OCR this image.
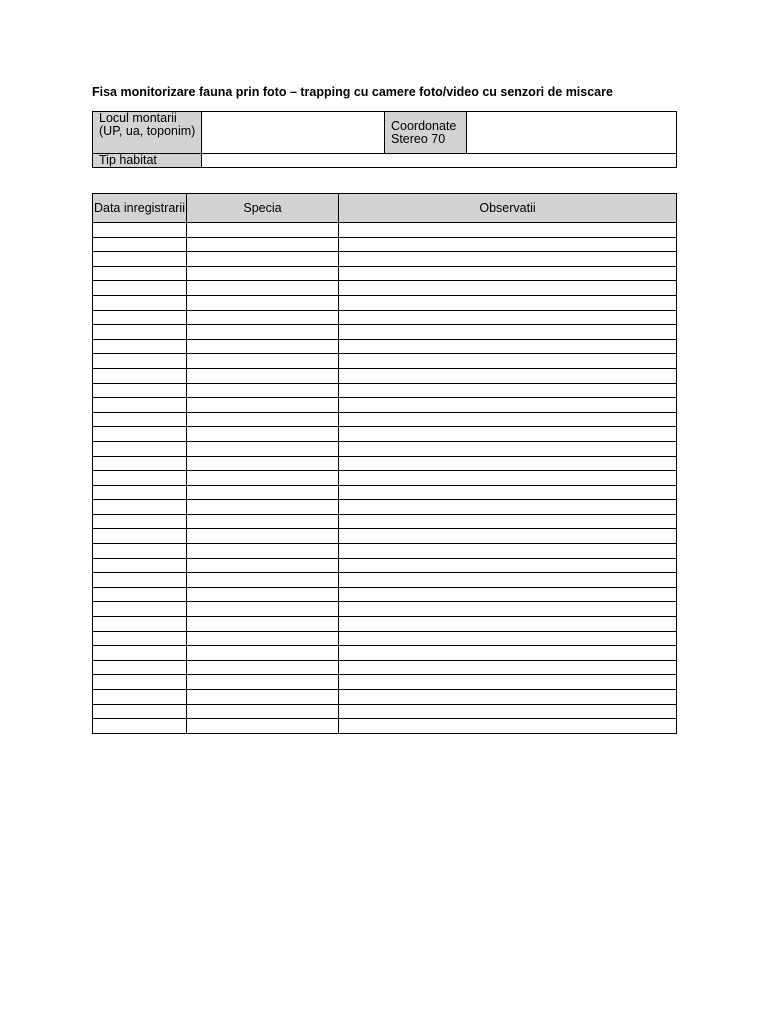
Fisa monitorizare fauna prin foto – trapping cu camere foto/video cu senzori de miscare
Locul montarii (UP, ua, toponim)		Coordonate Stereo 70	
Tip habitat			
Data inregistrarii	Specia	Observatii
